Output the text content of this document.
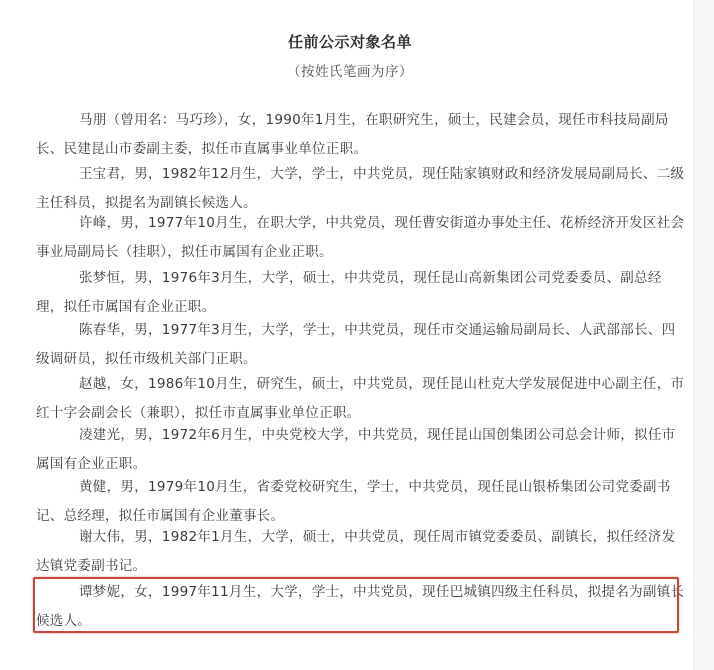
任前公示对象名单
（按姓氏笔画为序）
马朋（曾用名：马巧珍），女，1990年1月生，在职研究生，硕士，民建会员，现任市科技局副局
长、民建昆山市委副主委，拟任市直属事业单位正职。
王宝君，男，1982年12月生，大学，学士，中共党员，现任陆家镇财政和经济发展局副局长、二级
主任科员，拟提名为副镇长候选人。
许峰，男，1977年10月生，在职大学，中共党员，现任曹安街道办事处主任、花桥经济开发区社会
事业局副局长（挂职），拟任市属国有企业正职。
张梦恒，男，1976年3月生，大学，硕士，中共党员，现任昆山高新集团公司党委委员、副总经
理，拟任市属国有企业正职。
陈春华，男，1977年3月生，大学，学士，中共党员，现任市交通运输局副局长、人武部部长、四
级调研员，拟任市级机关部门正职。
赵越，女，1986年10月生，研究生，硕士，中共党员，现任昆山杜克大学发展促进中心副主任，市
红十字会副会长（兼职），拟任市直属事业单位正职。
凌建光，男，1972年6月生，中央党校大学，中共党员，现任昆山国创集团公司总会计师，拟任市
属国有企业正职。
黄健，男，1979年10月生，省委党校研究生，学士，中共党员，现任昆山银桥集团公司党委副书
记、总经理，拟任市属国有企业董事长。
谢大伟，男，1982年1月生，大学，硕士，中共党员，现任周市镇党委委员、副镇长，拟任经济发
达镇党委副书记。
谭梦妮，女，1997年11月生，大学，学士，中共党员，现任巴城镇四级主任科员，拟提名为副镇长
候选人。
